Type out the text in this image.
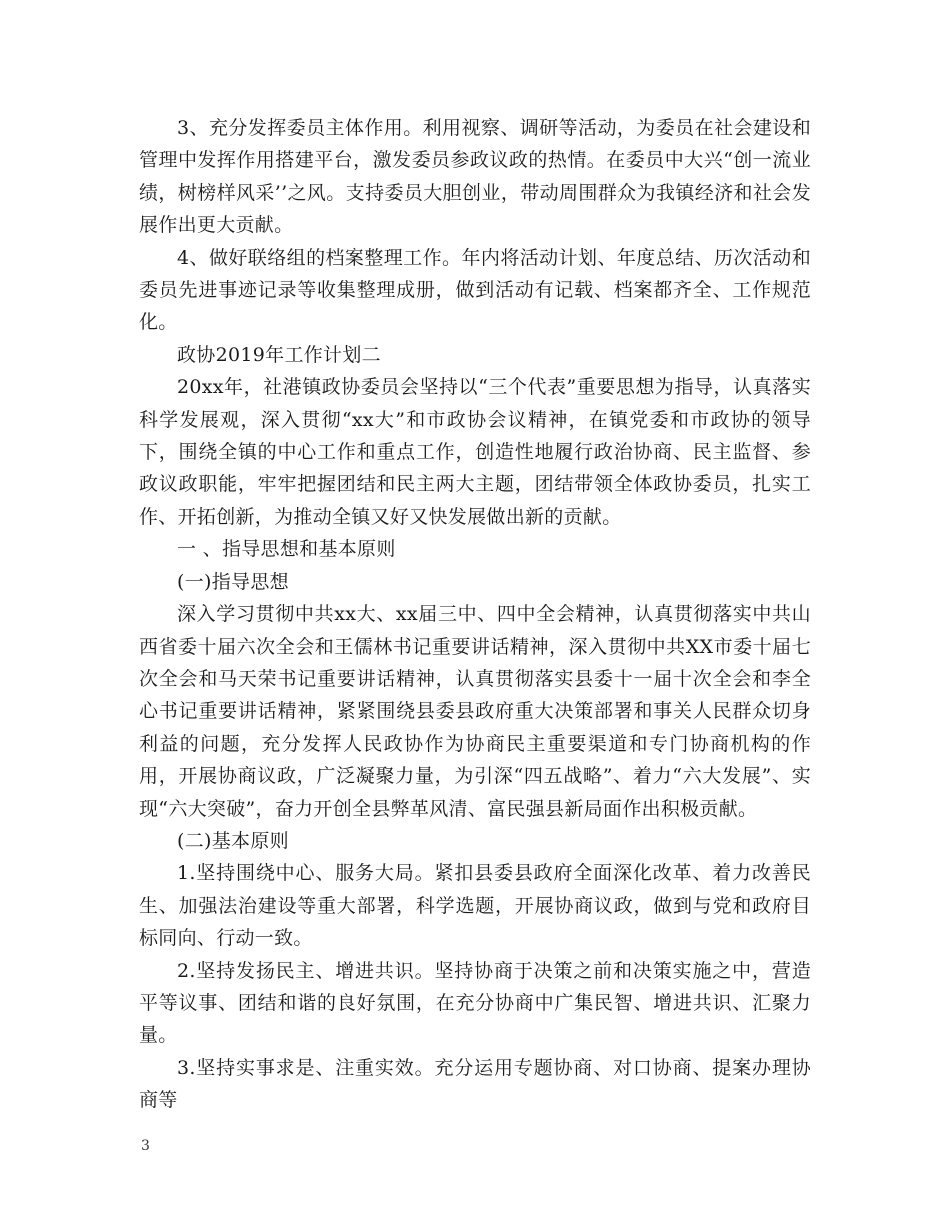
3、充分发挥委员主体作用。利用视察、调研等活动，为委员在社会建设和管理中发挥作用搭建平台，激发委员参政议政的热情。在委员中大兴“创一流业绩，树榜样风采’’之风。支持委员大胆创业，带动周围群众为我镇经济和社会发展作出更大贡献。

4、做好联络组的档案整理工作。年内将活动计划、年度总结、历次活动和委员先进事迹记录等收集整理成册，做到活动有记载、档案都齐全、工作规范化。

政协2019年工作计划二

20xx年，社港镇政协委员会坚持以“三个代表”重要思想为指导，认真落实科学发展观，深入贯彻“xx大”和市政协会议精神，在镇党委和市政协的领导下，围绕全镇的中心工作和重点工作，创造性地履行政治协商、民主监督、参政议政职能，牢牢把握团结和民主两大主题，团结带领全体政协委员，扎实工作、开拓创新，为推动全镇又好又快发展做出新的贡献。

一 、指导思想和基本原则

(一)指导思想

深入学习贯彻中共xx大、xx届三中、四中全会精神，认真贯彻落实中共山西省委十届六次全会和王儒林书记重要讲话精神，深入贯彻中共XX市委十届七次全会和马天荣书记重要讲话精神，认真贯彻落实县委十一届十次全会和李全心书记重要讲话精神，紧紧围绕县委县政府重大决策部署和事关人民群众切身利益的问题，充分发挥人民政协作为协商民主重要渠道和专门协商机构的作用，开展协商议政，广泛凝聚力量，为引深“四五战略”、着力“六大发展”、实现“六大突破”，奋力开创全县弊革风清、富民强县新局面作出积极贡献。

(二)基本原则

1.坚持围绕中心、服务大局。紧扣县委县政府全面深化改革、着力改善民生、加强法治建设等重大部署，科学选题，开展协商议政，做到与党和政府目标同向、行动一致。

2.坚持发扬民主、增进共识。坚持协商于决策之前和决策实施之中，营造平等议事、团结和谐的良好氛围，在充分协商中广集民智、增进共识、汇聚力量。

3.坚持实事求是、注重实效。充分运用专题协商、对口协商、提案办理协商等

3
